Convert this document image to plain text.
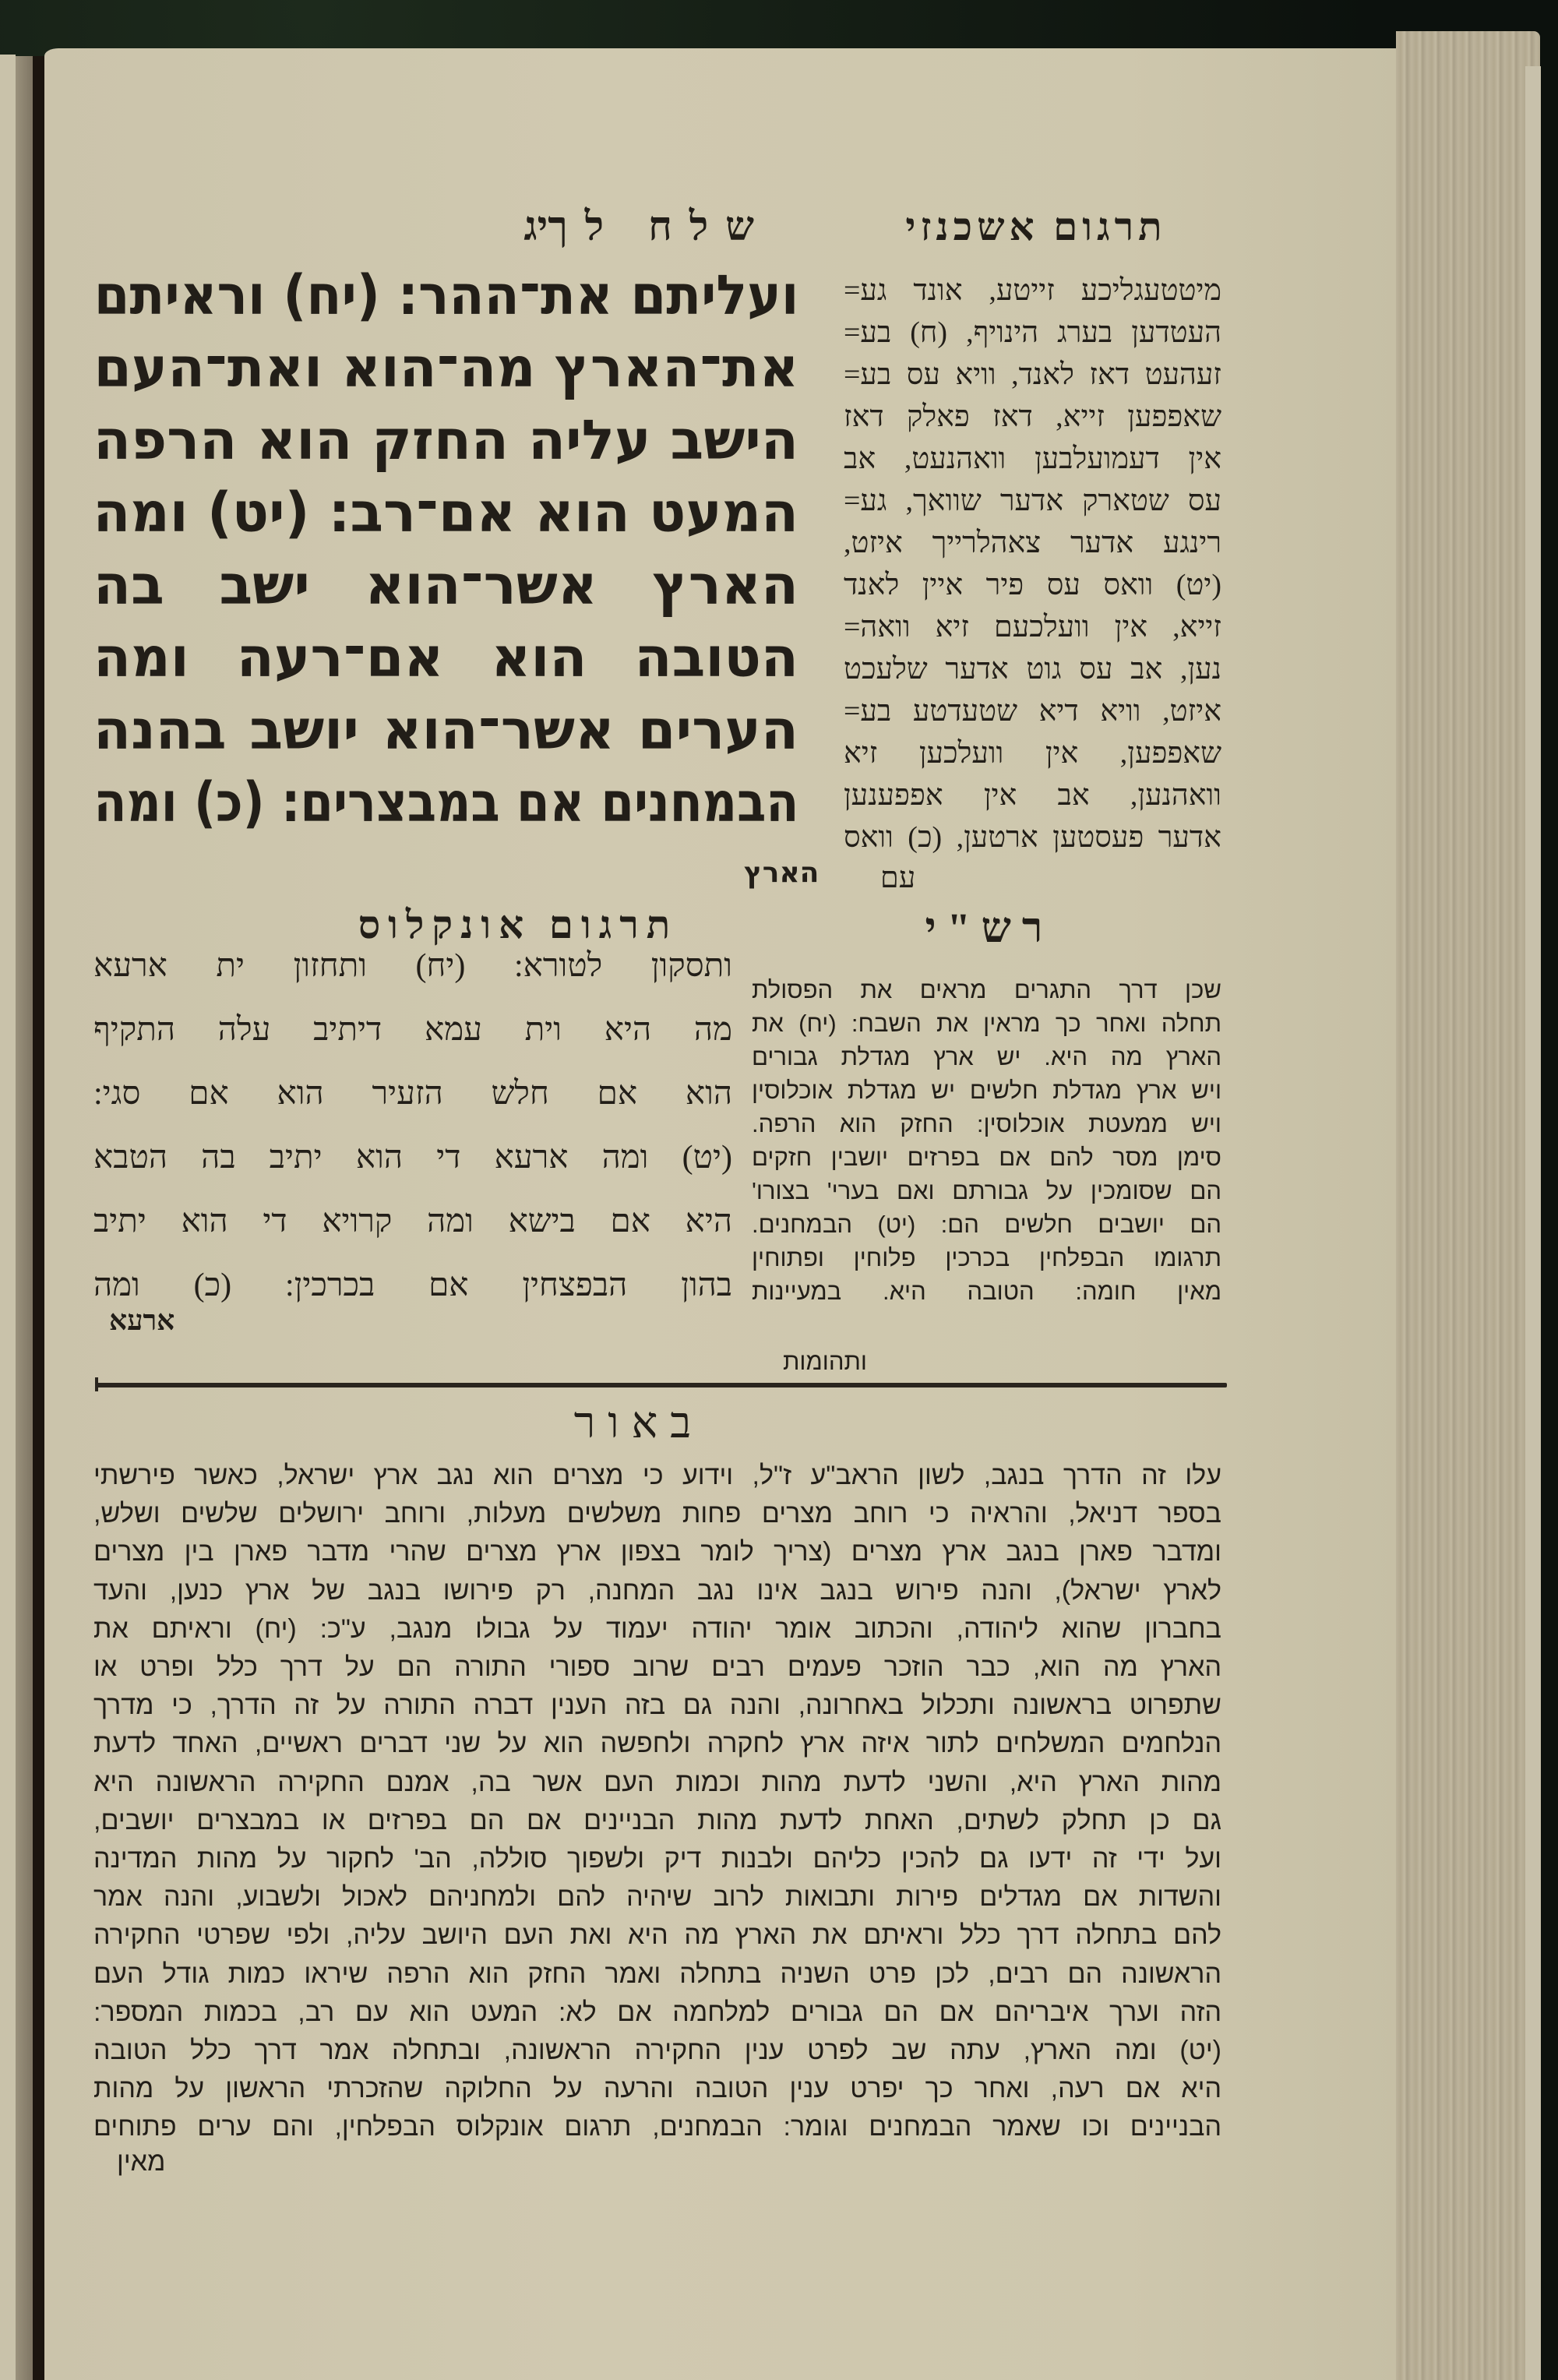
שלח לך
יג	תרגום אשכנזי
ועליתם את־ההר: (יח) וראיתם
את־הארץ מה־הוא ואת־העם
הישב עליה החזק הוא הרפה
המעט הוא אם־רב: (יט) ומה
הארץ אשר־הוא ישב בה
הטובה הוא אם־רעה ומה
הערים אשר־הוא יושב בהנה
הבמחנים אם במבצרים: (כ) ומה
הארץ
מיטטעגליכע זייטע, אונד גע=
העטדען בערג הינויף, (ח) בע=
זעהעט דאז לאנד, וויא עס בע=
שאפפען זייא, דאז פאלק דאז
אין דעמועלבען וואהנעט, אב
עס שטארק אדער שוואך, גע=
רינגע אדער צאהלרייך איזט,
(יט) וואס עס פיר איין לאנד
זייא, אין וועלכעם זיא וואה=
נען, אב עס גוט אדער שלעכט
איזט, וויא דיא שטעדטע בע=
שאפפען, אין וועלכען זיא
וואהנען, אב אין אפפענען
אדער פעסטען ארטען, (כ) וואס
עם
תרגום אונקלוס
ותסקון לטורא: (יח) ותחזון ית ארעא
מה היא וית עמא דיתיב עלה התקיף
הוא אם חלש הזעיר הוא אם סגי:
(יט) ומה ארעא די הוא יתיב בה הטבא
היא אם בישא ומה קרויא די הוא יתיב
בהון הבפצחין אם בכרכין: (כ) ומה
ארעא
רש"י
שכן דרך התגרים מראים את הפסולת
תחלה ואחר כך מראין את השבח: (יח) את
הארץ מה היא. יש ארץ מגדלת גבורים
ויש ארץ מגדלת חלשים יש מגדלת אוכלוסין
ויש ממעטת אוכלוסין: החזק הוא הרפה.
סימן מסר להם אם בפרזים יושבין חזקים
הם שסומכין על גבורתם ואם בערי' בצורו'
הם יושבים חלשים הם: (יט) הבמחנים.
תרגומו הבפלחין בכרכין פלוחין ופתוחין
מאין חומה: הטובה היא. במעיינות
ותהומות
באור
עלו זה הדרך בנגב, לשון הראב"ע ז"ל, וידוע כי מצרים הוא נגב ארץ ישראל, כאשר פירשתי
בספר דניאל, והראיה כי רוחב מצרים פחות משלשים מעלות, ורוחב ירושלים שלשים ושלש,
ומדבר פארן בנגב ארץ מצרים (צריך לומר בצפון ארץ מצרים שהרי מדבר פארן בין מצרים
לארץ ישראל), והנה פירוש בנגב אינו נגב המחנה, רק פירושו בנגב של ארץ כנען, והעד
בחברון שהוא ליהודה, והכתוב אומר יהודה יעמוד על גבולו מנגב, ע"כ: (יח) וראיתם את
הארץ מה הוא, כבר הוזכר פעמים רבים שרוב ספורי התורה הם על דרך כלל ופרט או
שתפרוט בראשונה ותכלול באחרונה, והנה גם בזה הענין דברה התורה על זה הדרך, כי מדרך
הנלחמים המשלחים לתור איזה ארץ לחקרה ולחפשה הוא על שני דברים ראשיים, האחד לדעת
מהות הארץ היא, והשני לדעת מהות וכמות העם אשר בה, אמנם החקירה הראשונה היא
גם כן תחלק לשתים, האחת לדעת מהות הבניינים אם הם בפרזים או במבצרים יושבים,
ועל ידי זה ידעו גם להכין כליהם ולבנות דיק ולשפוך סוללה, הב' לחקור על מהות המדינה
והשדות אם מגדלים פירות ותבואות לרוב שיהיה להם ולמחניהם לאכול ולשבוע, והנה אמר
להם בתחלה דרך כלל וראיתם את הארץ מה היא ואת העם היושב עליה, ולפי שפרטי החקירה
הראשונה הם רבים, לכן פרט השניה בתחלה ואמר החזק הוא הרפה שיראו כמות גודל העם
הזה וערך איבריהם אם הם גבורים למלחמה אם לא: המעט הוא עם רב, בכמות המספר:
(יט) ומה הארץ, עתה שב לפרט ענין החקירה הראשונה, ובתחלה אמר דרך כלל הטובה
היא אם רעה, ואחר כך יפרט ענין הטובה והרעה על החלוקה שהזכרתי הראשון על מהות
הבניינים וכו שאמר הבמחנים וגומר: הבמחנים, תרגום אונקלוס הבפלחין, והם ערים פתוחים
מאין
